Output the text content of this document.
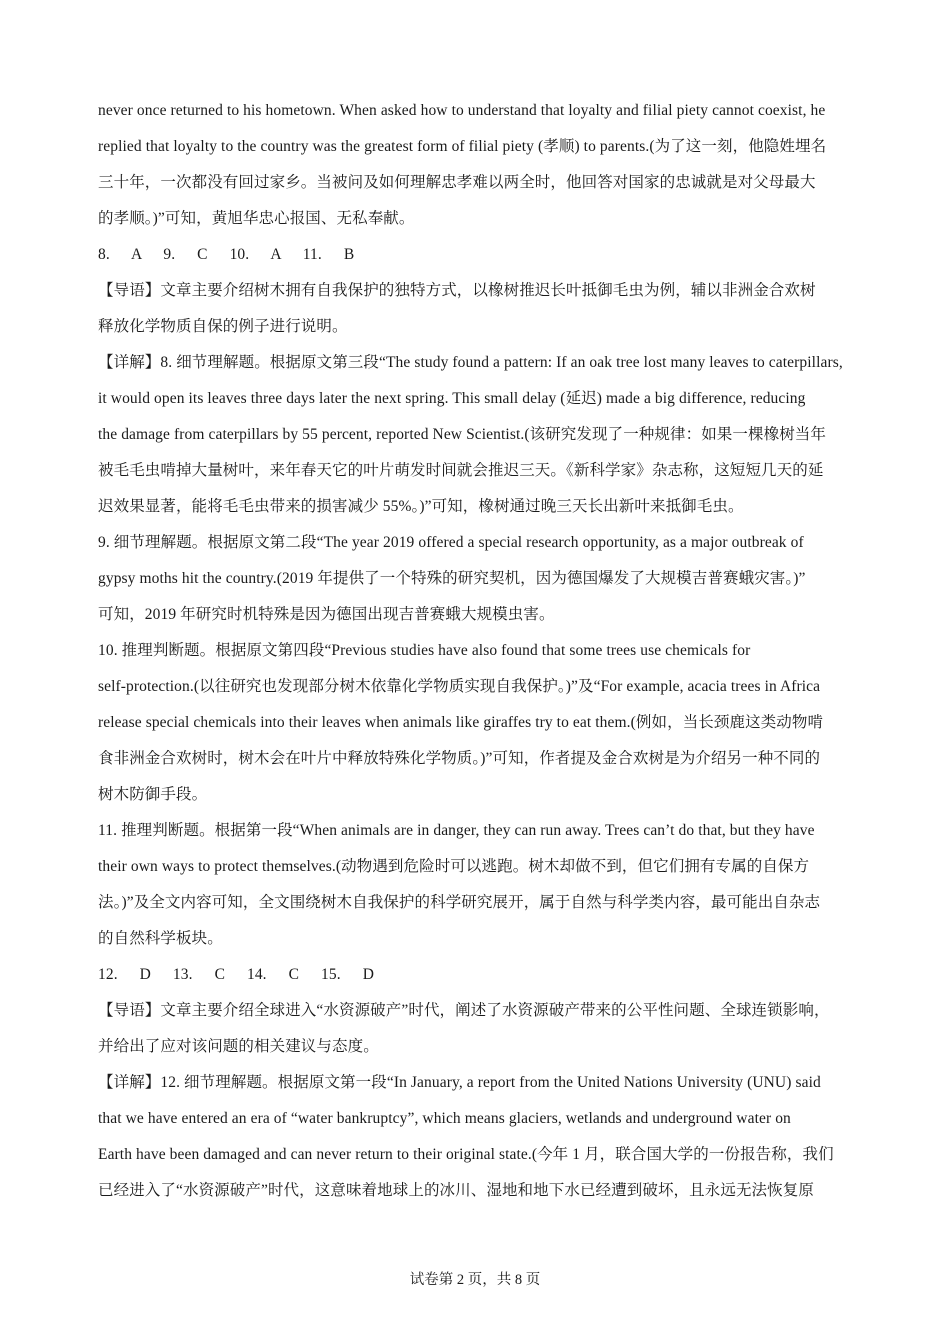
never once returned to his hometown. When asked how to understand that loyalty and filial piety cannot coexist, he
replied that loyalty to the country was the greatest form of filial piety (孝顺) to parents.(为了这一刻，他隐姓埋名
三十年，一次都没有回过家乡。当被问及如何理解忠孝难以两全时，他回答对国家的忠诚就是对父母最大
的孝顺。)”可知，黄旭华忠心报国、无私奉献。
8. A 9. C 10. A 11. B
【导语】文章主要介绍树木拥有自我保护的独特方式，以橡树推迟长叶抵御毛虫为例，辅以非洲金合欢树
释放化学物质自保的例子进行说明。
【详解】8. 细节理解题。根据原文第三段“The study found a pattern: If an oak tree lost many leaves to caterpillars,
it would open its leaves three days later the next spring. This small delay (延迟) made a big difference, reducing
the damage from caterpillars by 55 percent, reported New Scientist.(该研究发现了一种规律：如果一棵橡树当年
被毛毛虫啃掉大量树叶，来年春天它的叶片萌发时间就会推迟三天。《新科学家》杂志称，这短短几天的延
迟效果显著，能将毛毛虫带来的损害减少 55%。)”可知，橡树通过晚三天长出新叶来抵御毛虫。
9. 细节理解题。根据原文第二段“The year 2019 offered a special research opportunity, as a major outbreak of
gypsy moths hit the country.(2019 年提供了一个特殊的研究契机，因为德国爆发了大规模吉普赛蛾灾害。)”
可知，2019 年研究时机特殊是因为德国出现吉普赛蛾大规模虫害。
10. 推理判断题。根据原文第四段“Previous studies have also found that some trees use chemicals for
self-protection.(以往研究也发现部分树木依靠化学物质实现自我保护。)”及“For example, acacia trees in Africa
release special chemicals into their leaves when animals like giraffes try to eat them.(例如，当长颈鹿这类动物啃
食非洲金合欢树时，树木会在叶片中释放特殊化学物质。)”可知，作者提及金合欢树是为介绍另一种不同的
树木防御手段。
11. 推理判断题。根据第一段“When animals are in danger, they can run away. Trees can’t do that, but they have
their own ways to protect themselves.(动物遇到危险时可以逃跑。树木却做不到，但它们拥有专属的自保方
法。)”及全文内容可知，全文围绕树木自我保护的科学研究展开，属于自然与科学类内容，最可能出自杂志
的自然科学板块。
12. D 13. C 14. C 15. D
【导语】文章主要介绍全球进入“水资源破产”时代，阐述了水资源破产带来的公平性问题、全球连锁影响，
并给出了应对该问题的相关建议与态度。
【详解】12. 细节理解题。根据原文第一段“In January, a report from the United Nations University (UNU) said
that we have entered an era of “water bankruptcy”, which means glaciers, wetlands and underground water on
Earth have been damaged and can never return to their original state.(今年 1 月，联合国大学的一份报告称，我们
已经进入了“水资源破产”时代，这意味着地球上的冰川、湿地和地下水已经遭到破坏，且永远无法恢复原
试卷第 2 页，共 8 页
